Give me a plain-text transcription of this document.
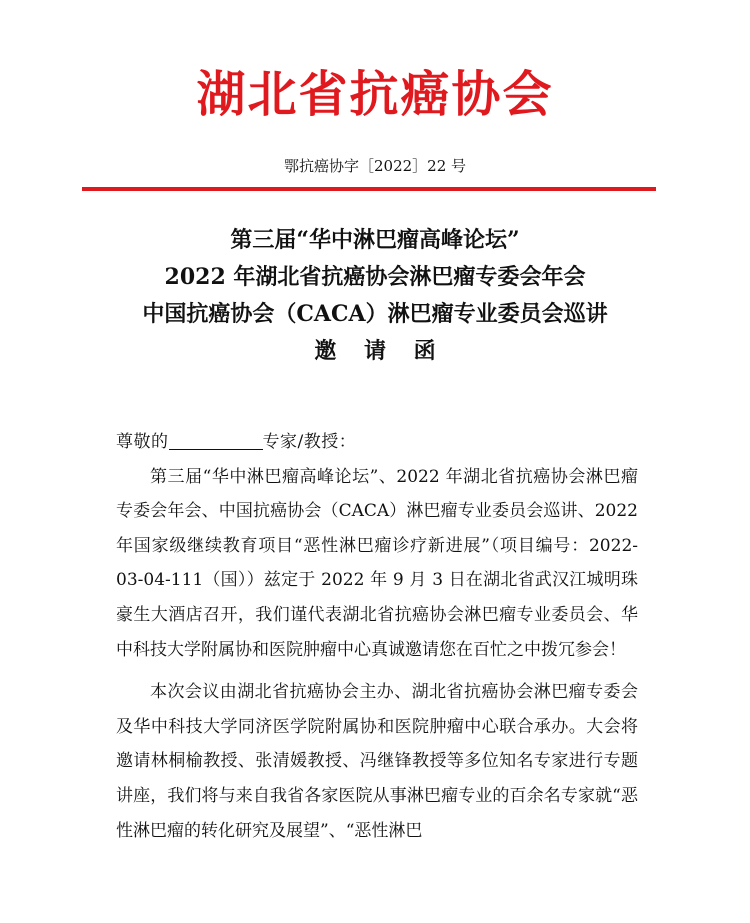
湖北省抗癌协会
鄂抗癌协字［2022］22 号
第三届“华中淋巴瘤高峰论坛”
2022 年湖北省抗癌协会淋巴瘤专委会年会
中国抗癌协会（CACA）淋巴瘤专业委员会巡讲
邀 请 函

尊敬的	专家/教授：

第三届“华中淋巴瘤高峰论坛”、2022 年湖北省抗癌协会淋巴瘤专委会年会、中国抗癌协会（CACA）淋巴瘤专业委员会巡讲、2022 年国家级继续教育项目“恶性淋巴瘤诊疗新进展”（项目编号：2022-03-04-111（国））兹定于 2022 年 9 月 3 日在湖北省武汉江城明珠豪生大酒店召开，我们谨代表湖北省抗癌协会淋巴瘤专业委员会、华中科技大学附属协和医院肿瘤中心真诚邀请您在百忙之中拨冗参会！

本次会议由湖北省抗癌协会主办、湖北省抗癌协会淋巴瘤专委会及华中科技大学同济医学院附属协和医院肿瘤中心联合承办。大会将邀请林桐榆教授、张清媛教授、冯继锋教授等多位知名专家进行专题讲座，我们将与来自我省各家医院从事淋巴瘤专业的百余名专家就“恶性淋巴瘤的转化研究及展望”、“恶性淋巴
